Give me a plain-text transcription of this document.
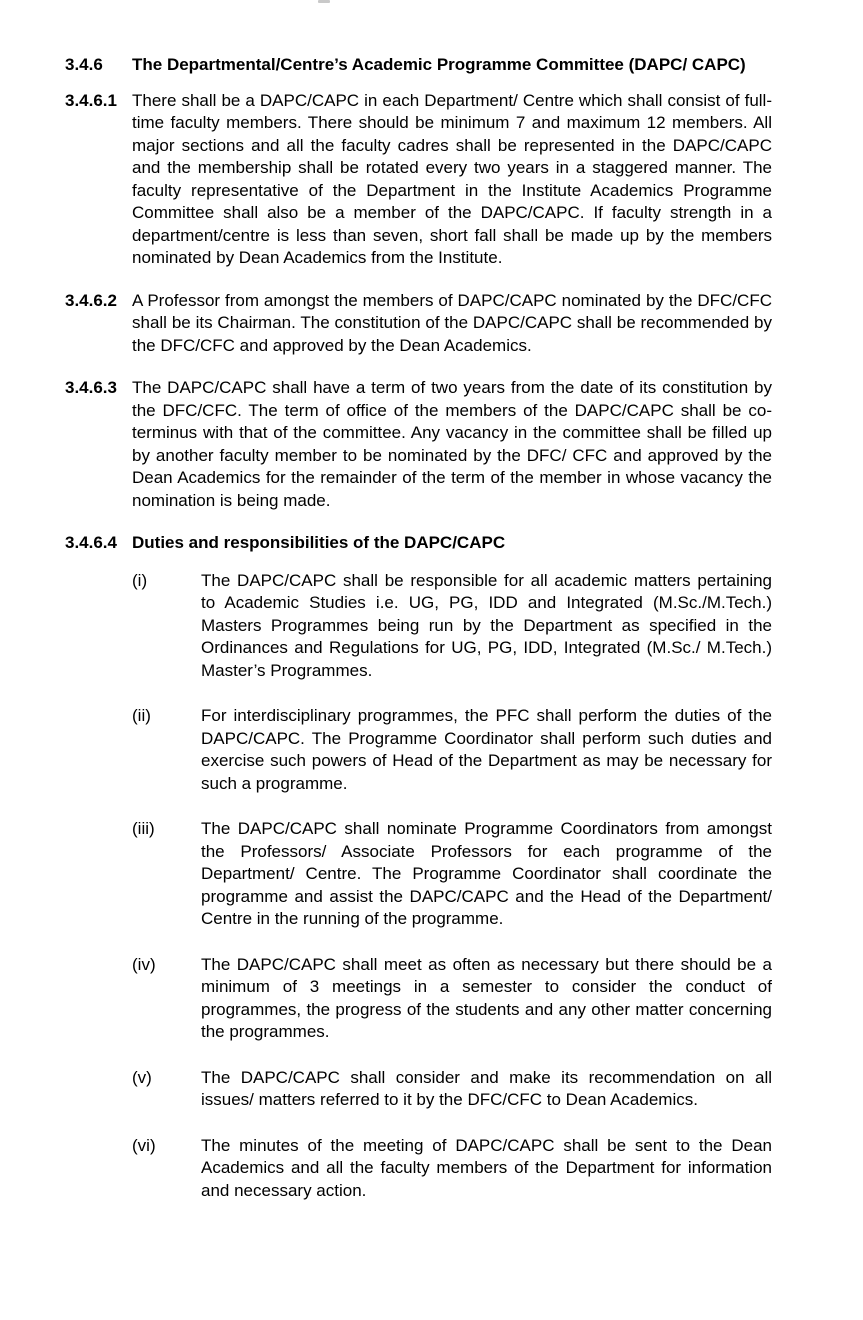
3.4.6	The Departmental/Centre’s Academic Programme Committee (DAPC/ CAPC)
3.4.6.1 There shall be a DAPC/CAPC in each Department/ Centre which shall consist of full-time faculty members. There should be minimum 7 and maximum 12 members. All major sections and all the faculty cadres shall be represented in the DAPC/CAPC and the membership shall be rotated every two years in a staggered manner. The faculty representative of the Department in the Institute Academics Programme Committee shall also be a member of the DAPC/CAPC. If faculty strength in a department/centre is less than seven, short fall shall be made up by the members nominated by Dean Academics from the Institute.
3.4.6.2 A Professor from amongst the members of DAPC/CAPC nominated by the DFC/CFC shall be its Chairman. The constitution of the DAPC/CAPC shall be recommended by the DFC/CFC and approved by the Dean Academics.
3.4.6.3 The DAPC/CAPC shall have a term of two years from the date of its constitution by the DFC/CFC. The term of office of the members of the DAPC/CAPC shall be co-terminus with that of the committee. Any vacancy in the committee shall be filled up by another faculty member to be nominated by the DFC/ CFC and approved by the Dean Academics for the remainder of the term of the member in whose vacancy the nomination is being made.
3.4.6.4 Duties and responsibilities of the DAPC/CAPC
(i)	The DAPC/CAPC shall be responsible for all academic matters pertaining to Academic Studies i.e. UG, PG, IDD and Integrated (M.Sc./M.Tech.) Masters Programmes being run by the Department as specified in the Ordinances and Regulations for UG, PG, IDD, Integrated (M.Sc./ M.Tech.) Master’s Programmes.
(ii)	For interdisciplinary programmes, the PFC shall perform the duties of the DAPC/CAPC. The Programme Coordinator shall perform such duties and exercise such powers of Head of the Department as may be necessary for such a programme.
(iii)	The DAPC/CAPC shall nominate Programme Coordinators from amongst the Professors/ Associate Professors for each programme of the Department/ Centre. The Programme Coordinator shall coordinate the programme and assist the DAPC/CAPC and the Head of the Department/ Centre in the running of the programme.
(iv)	The DAPC/CAPC shall meet as often as necessary but there should be a minimum of 3 meetings in a semester to consider the conduct of programmes, the progress of the students and any other matter concerning the programmes.
(v)	The DAPC/CAPC shall consider and make its recommendation on all issues/ matters referred to it by the DFC/CFC to Dean Academics.
(vi)	The minutes of the meeting of DAPC/CAPC shall be sent to the Dean Academics and all the faculty members of the Department for information and necessary action.
